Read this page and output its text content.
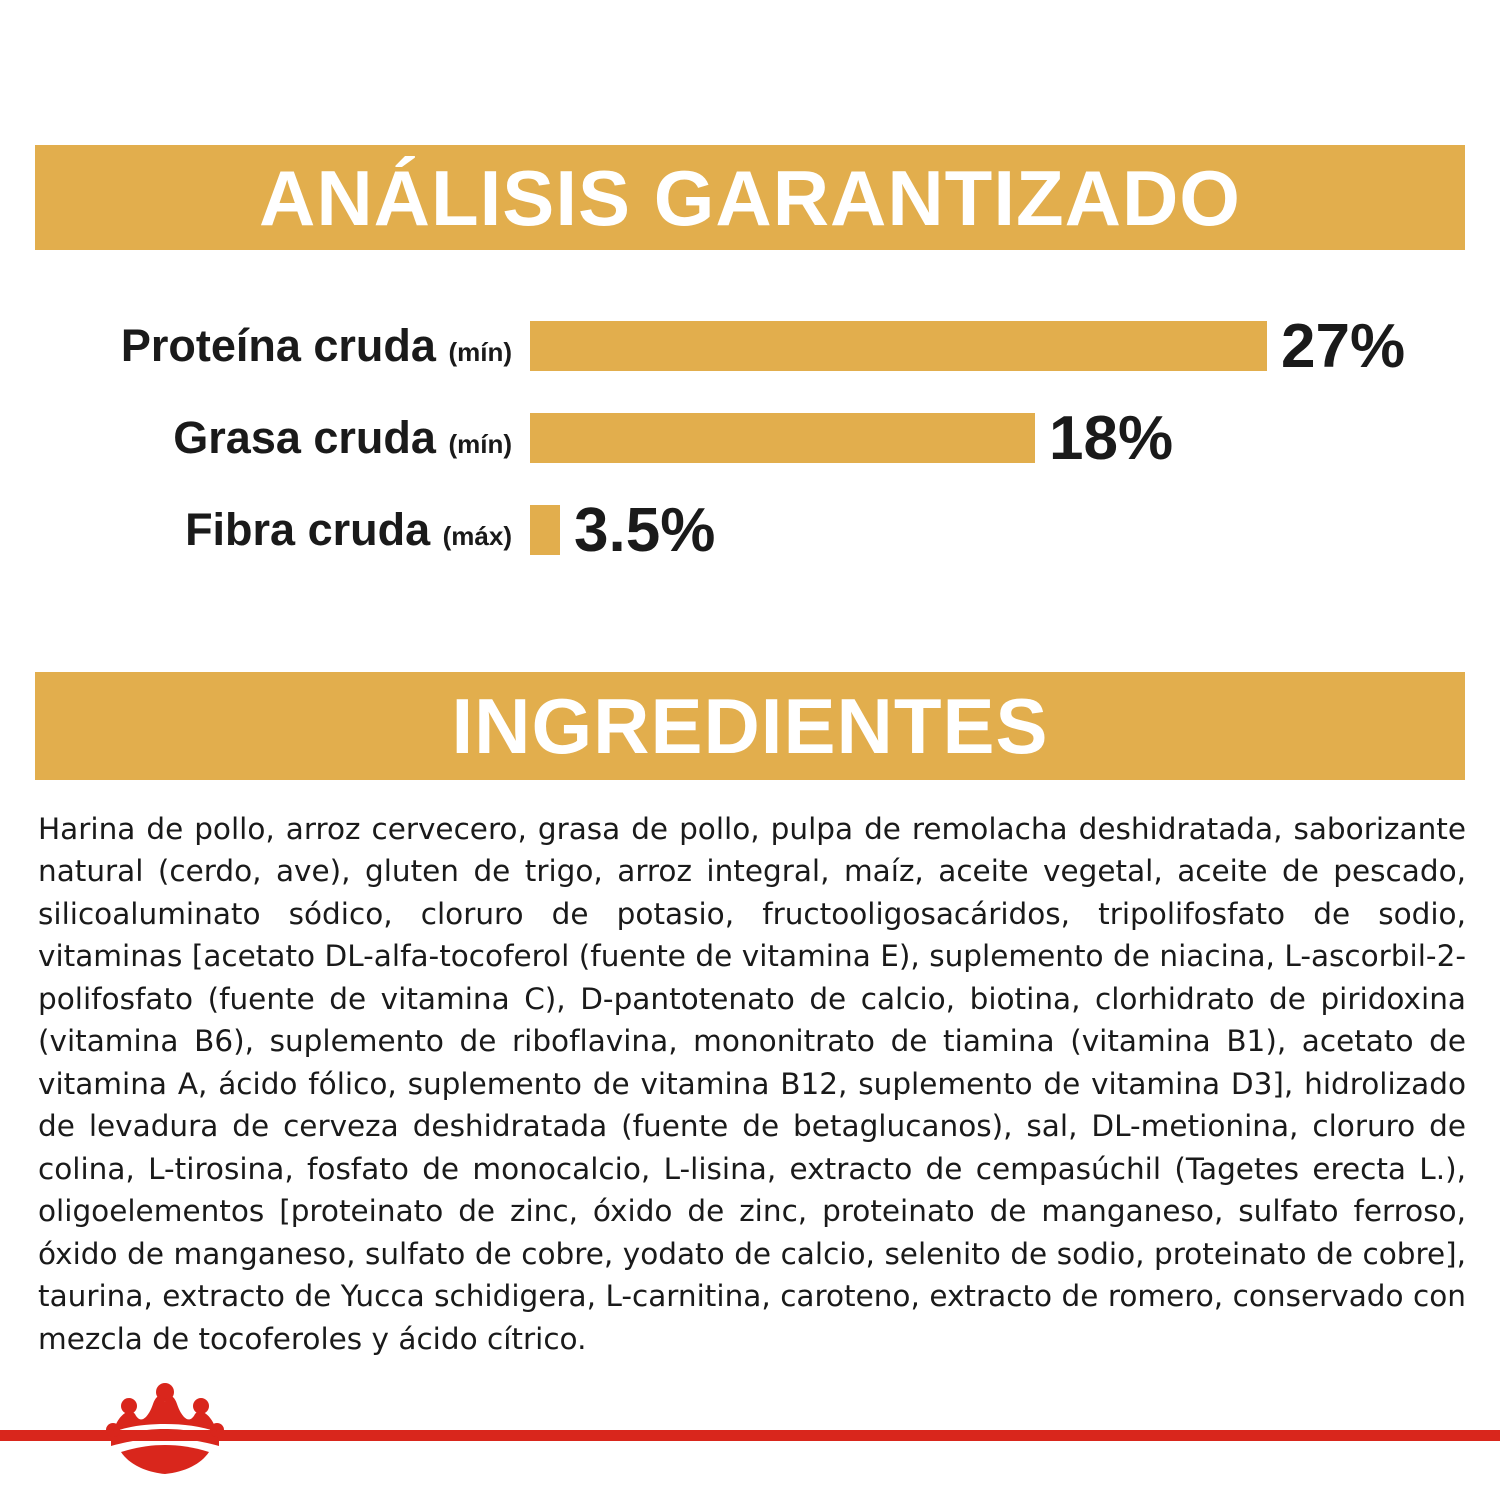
ANÁLISIS GARANTIZADO
Proteína cruda (mín)	27%
Grasa cruda (mín)	18%
Fibra cruda (máx) 3.5%
INGREDIENTES
Harina de pollo, arroz cervecero, grasa de pollo, pulpa de remolacha deshidratada, saborizante natural (cerdo, ave), gluten de trigo, arroz integral, maíz, aceite vegetal, aceite de pescado, silicoaluminato sódico, cloruro de potasio, fructooligosacáridos, tripolifosfato de sodio, vitaminas [acetato DL-alfa-tocoferol (fuente de vitamina E), suplemento de niacina, L-ascorbil-2-polifosfato (fuente de vitamina C), D-pantotenato de calcio, biotina, clorhidrato de piridoxina (vitamina B6), suplemento de riboflavina, mononitrato de tiamina (vitamina B1), acetato de vitamina A, ácido fólico, suplemento de vitamina B12, suplemento de vitamina D3], hidrolizado de levadura de cerveza deshidratada (fuente de betaglucanos), sal, DL-metionina, cloruro de colina, L-tirosina, fosfato de monocalcio, L-lisina, extracto de cempasúchil (Tagetes erecta L.), oligoelementos [proteinato de zinc, óxido de zinc, proteinato de manganeso, sulfato ferroso, óxido de manganeso, sulfato de cobre, yodato de calcio, selenito de sodio, proteinato de cobre], taurina, extracto de Yucca schidigera, L-carnitina, caroteno, extracto de romero, conservado con mezcla de tocoferoles y ácido cítrico.
